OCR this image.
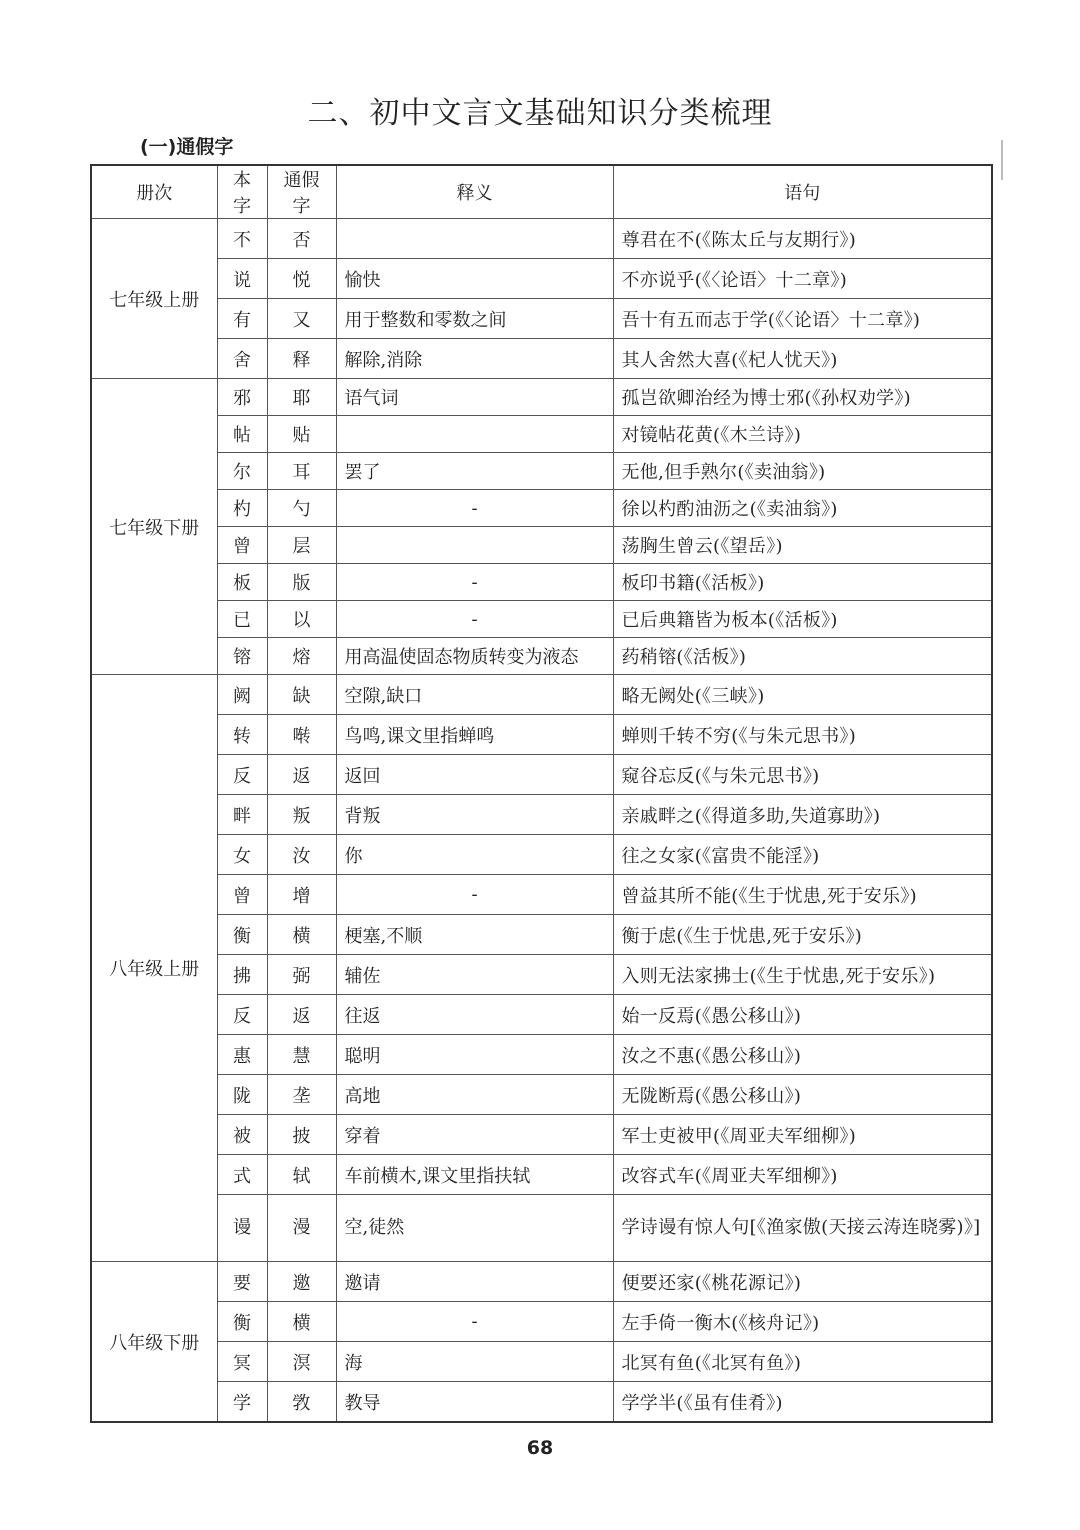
二、初中文言文基础知识分类梳理
(一)通假字
册次	本字	通假字	释义	语句
七年级上册	不	否		尊君在不(《陈太丘与友期行》)
	说	悦	愉快	不亦说乎(《〈论语〉十二章》)
	有	又	用于整数和零数之间	吾十有五而志于学(《〈论语〉十二章》)
	舍	释	解除,消除	其人舍然大喜(《杞人忧天》)
七年级下册	邪	耶	语气词	孤岂欲卿治经为博士邪(《孙权劝学》)
	帖	贴		对镜帖花黄(《木兰诗》)
	尔	耳	罢了	无他,但手熟尔(《卖油翁》)
	杓	勺	-	徐以杓酌油沥之(《卖油翁》)
	曾	层		荡胸生曾云(《望岳》)
	板	版	-	板印书籍(《活板》)
	已	以	-	已后典籍皆为板本(《活板》)
	镕	熔	用高温使固态物质转变为液态	药稍镕(《活板》)
八年级上册	阙	缺	空隙,缺口	略无阙处(《三峡》)
	转	啭	鸟鸣,课文里指蝉鸣	蝉则千转不穷(《与朱元思书》)
	反	返	返回	窥谷忘反(《与朱元思书》)
	畔	叛	背叛	亲戚畔之(《得道多助,失道寡助》)
	女	汝	你	往之女家(《富贵不能淫》)
	曾	增	-	曾益其所不能(《生于忧患,死于安乐》)
	衡	横	梗塞,不顺	衡于虑(《生于忧患,死于安乐》)
	拂	弼	辅佐	入则无法家拂士(《生于忧患,死于安乐》)
	反	返	往返	始一反焉(《愚公移山》)
	惠	慧	聪明	汝之不惠(《愚公移山》)
	陇	垄	高地	无陇断焉(《愚公移山》)
	被	披	穿着	军士吏被甲(《周亚夫军细柳》)
	式	轼	车前横木,课文里指扶轼	改容式车(《周亚夫军细柳》)
	谩	漫	空,徒然	学诗谩有惊人句[《渔家傲(天接云涛连晓雾)》]
八年级下册	要	邀	邀请	便要还家(《桃花源记》)
	衡	横	-	左手倚一衡木(《核舟记》)
	冥	溟	海	北冥有鱼(《北冥有鱼》)
	学	敩	教导	学学半(《虽有佳肴》)
68
